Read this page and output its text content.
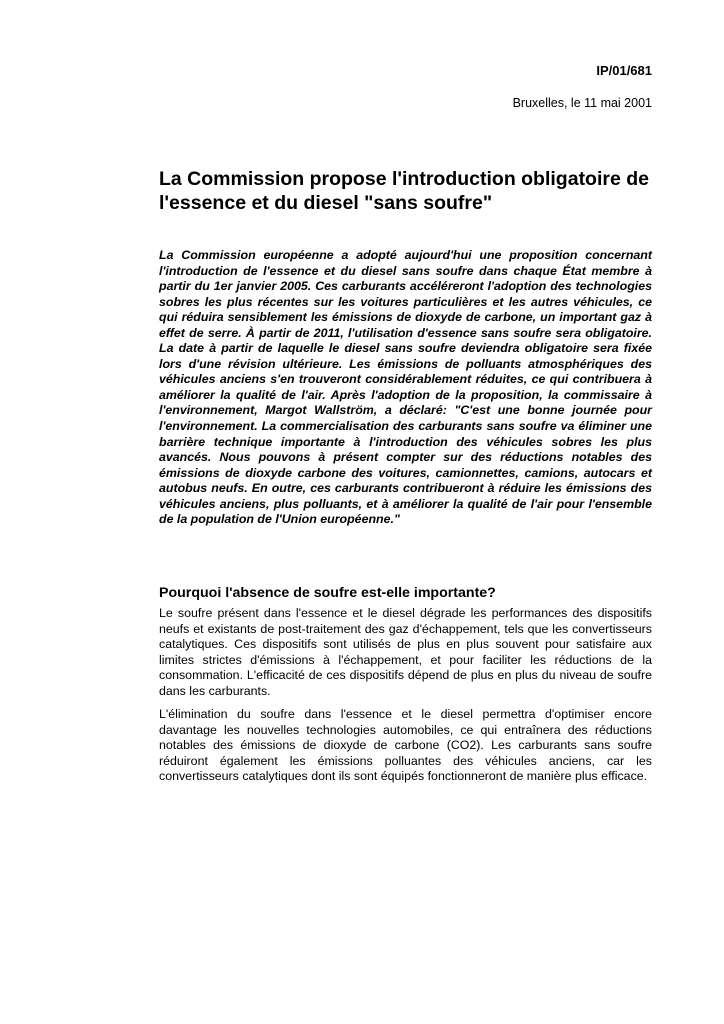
IP/01/681
Bruxelles, le 11 mai 2001
La Commission propose l'introduction obligatoire de l'essence et du diesel "sans soufre"

La Commission européenne a adopté aujourd'hui une proposition concernant l'introduction de l'essence et du diesel sans soufre dans chaque État membre à partir du 1er janvier 2005. Ces carburants accéléreront l'adoption des technologies sobres les plus récentes sur les voitures particulières et les autres véhicules, ce qui réduira sensiblement les émissions de dioxyde de carbone, un important gaz à effet de serre. À partir de 2011, l'utilisation d'essence sans soufre sera obligatoire. La date à partir de laquelle le diesel sans soufre deviendra obligatoire sera fixée lors d'une révision ultérieure. Les émissions de polluants atmosphériques des véhicules anciens s'en trouveront considérablement réduites, ce qui contribuera à améliorer la qualité de l'air. Après l'adoption de la proposition, la commissaire à l'environnement, Margot Wallström, a déclaré: "C'est une bonne journée pour l'environnement. La commercialisation des carburants sans soufre va éliminer une barrière technique importante à l'introduction des véhicules sobres les plus avancés. Nous pouvons à présent compter sur des réductions notables des émissions de dioxyde carbone des voitures, camionnettes, camions, autocars et autobus neufs. En outre, ces carburants contribueront à réduire les émissions des véhicules anciens, plus polluants, et à améliorer la qualité de l'air pour l'ensemble de la population de l'Union européenne."

Pourquoi l'absence de soufre est-elle importante?

Le soufre présent dans l'essence et le diesel dégrade les performances des dispositifs neufs et existants de post-traitement des gaz d'échappement, tels que les convertisseurs catalytiques. Ces dispositifs sont utilisés de plus en plus souvent pour satisfaire aux limites strictes d'émissions à l'échappement, et pour faciliter les réductions de la consommation. L'efficacité de ces dispositifs dépend de plus en plus du niveau de soufre dans les carburants.

L'élimination du soufre dans l'essence et le diesel permettra d'optimiser encore davantage les nouvelles technologies automobiles, ce qui entraînera des réductions notables des émissions de dioxyde de carbone (CO2). Les carburants sans soufre réduiront également les émissions polluantes des véhicules anciens, car les convertisseurs catalytiques dont ils sont équipés fonctionneront de manière plus efficace.
